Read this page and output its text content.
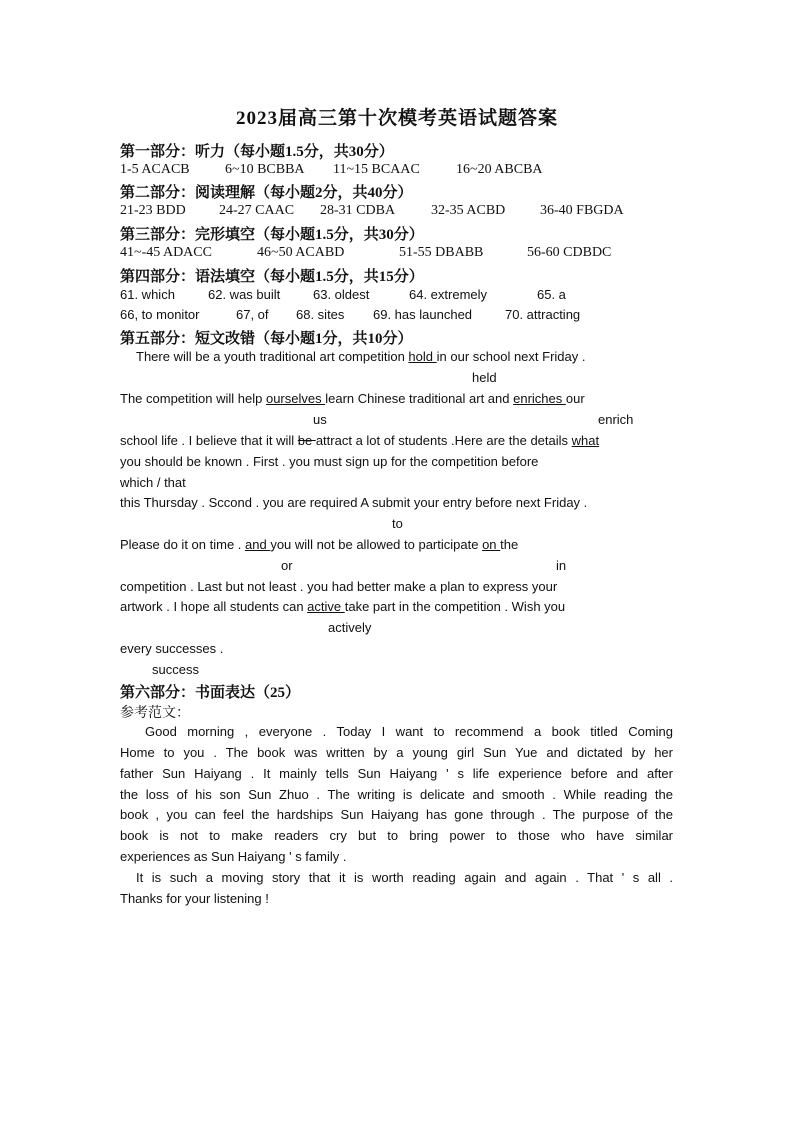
2023届高三第十次模考英语试题答案
第一部分：听力（每小题1.5分，共30分）
1-5 ACACB	6~10 BCBBA 11~15 BCAAC	16~20 ABCBA
第二部分：阅读理解（每小题2分，共40分）
21-23 BDD 24-27 CAAC 28-31 CDBA	32-35 ACBD 36-40 FBGDA
第三部分：完形填空（每小题1.5分，共30分）
41~-45 ADACC	46~50 ACABD	51-55 DBABB	56-60 CDBDC
第四部分：语法填空（每小题1.5分，共15分）
61. which	62. was built	63. oldest	64. extremely	65. a
66, to monitor	67, of 68. sites 69. has launched	70. attracting
第五部分：短文改错（每小题1分，共10分）
There will be a youth traditional art competition hold in our school next Friday .
held
The competition will help ourselves learn Chinese traditional art and enriches our
us	enrich
school life . I believe that it will be attract a lot of students .Here are the details what
you should be known . First . you must sign up for the competition before
which / that
this Thursday . Sccond . you are required A submit your entry before next Friday .
to
Please do it on time . and you will not be allowed to participate on the
or	in
competition . Last but not least . you had better make a plan to express your
artwork . I hope all students can active take part in the competition . Wish you
actively
every successes .
success
第六部分：书面表达（25）
参考范文：
Good morning , everyone . Today I want to recommend a book titled Coming
Home to you . The book was written by a young girl Sun Yue and dictated by her
father Sun Haiyang . It mainly tells Sun Haiyang ' s life experience before and after
the loss of his son Sun Zhuo . The writing is delicate and smooth . While reading the
book , you can feel the hardships Sun Haiyang has gone through . The purpose of the
book is not to make readers cry but to bring power to those who have similar
experiences as Sun Haiyang ' s family .
It is such a moving story that it is worth reading again and again . That ' s all .
Thanks for your listening !
